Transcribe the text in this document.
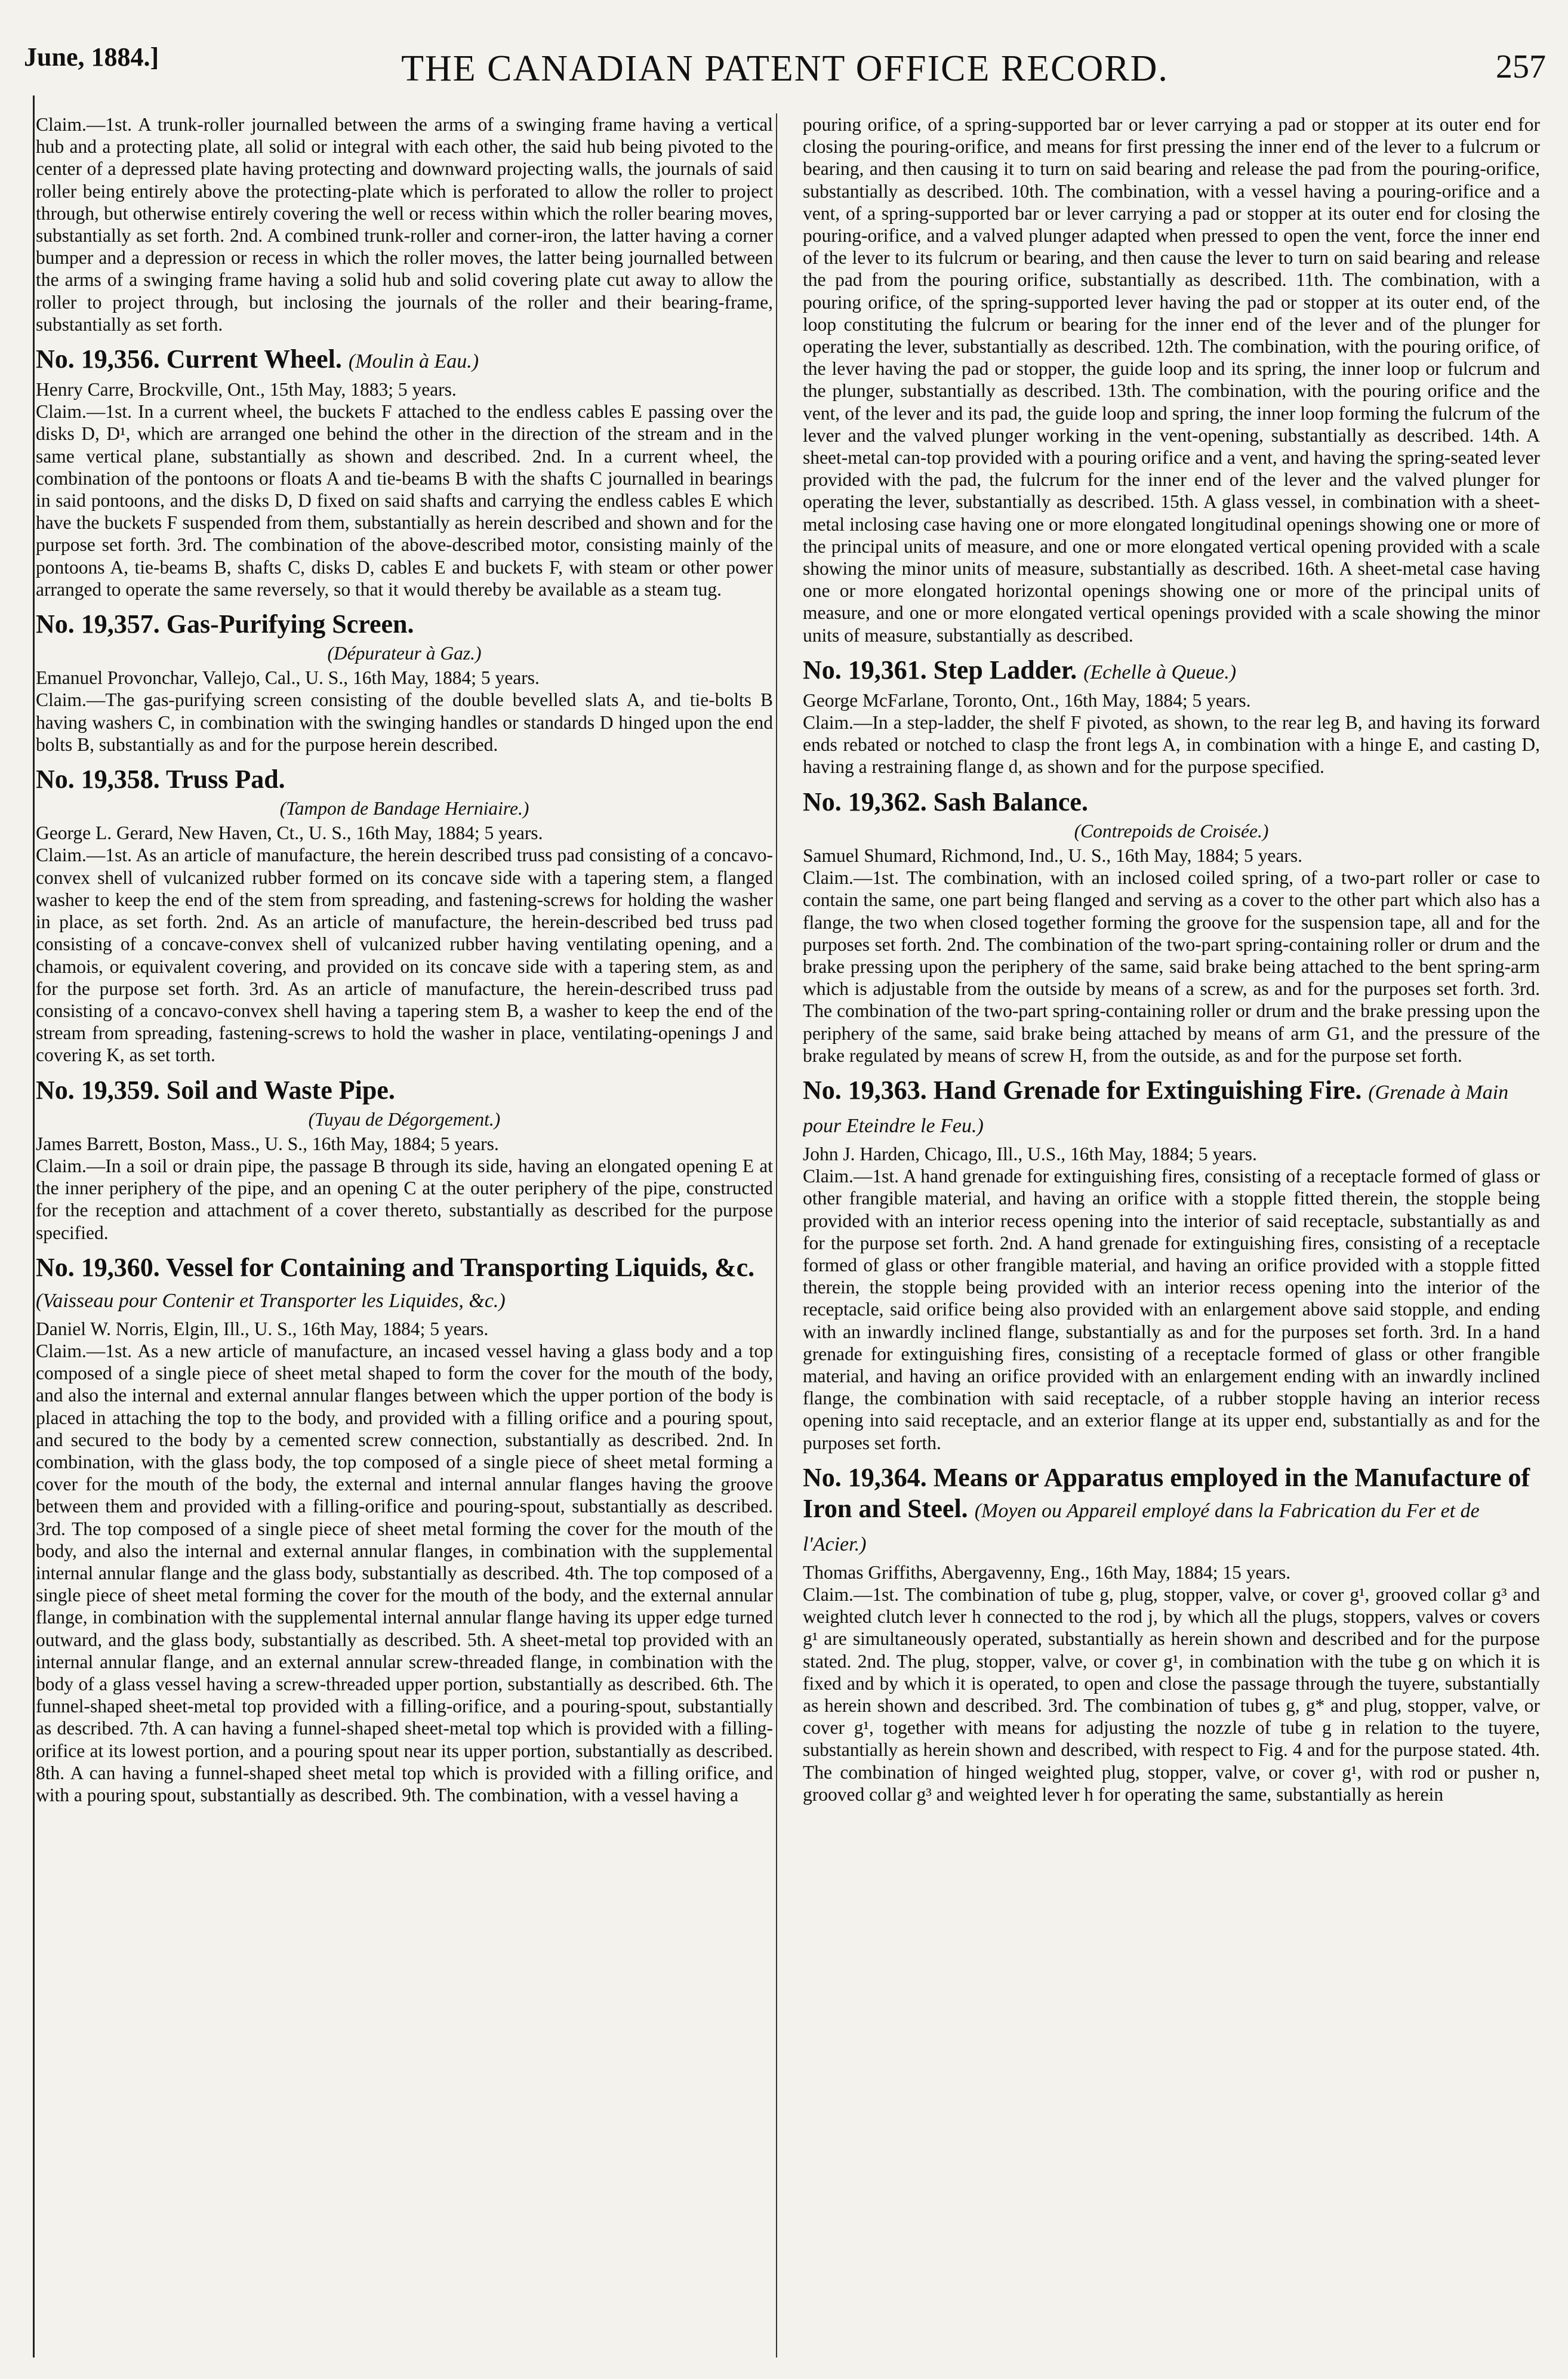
June, 1884.]	THE CANADIAN PATENT OFFICE RECORD.	257

Claim.—1st. A trunk-roller journalled between the arms of a swinging frame having a vertical hub and a protecting plate, all solid or integral with each other, the said hub being pivoted to the center of a depressed plate having protecting and downward projecting walls, the journals of said roller being entirely above the protecting-plate which is perforated to allow the roller to project through, but otherwise entirely covering the well or recess within which the roller bearing moves, substantially as set forth. 2nd. A combined trunk-roller and corner-iron, the latter having a corner bumper and a depression or recess in which the roller moves, the latter being journalled between the arms of a swinging frame having a solid hub and solid covering plate cut away to allow the roller to project through, but inclosing the journals of the roller and their bearing-frame, substantially as set forth.

No. 19,356. Current Wheel. (Moulin à Eau.)

Henry Carre, Brockville, Ont., 15th May, 1883; 5 years.

Claim.—1st. In a current wheel, the buckets F attached to the endless cables E passing over the disks D, D¹, which are arranged one behind the other in the direction of the stream and in the same vertical plane, substantially as shown and described. 2nd. In a current wheel, the combination of the pontoons or floats A and tie-beams B with the shafts C journalled in bearings in said pontoons, and the disks D, D fixed on said shafts and carrying the endless cables E which have the buckets F suspended from them, substantially as herein described and shown and for the purpose set forth. 3rd. The combination of the above-described motor, consisting mainly of the pontoons A, tie-beams B, shafts C, disks D, cables E and buckets F, with steam or other power arranged to operate the same reversely, so that it would thereby be available as a steam tug.

No. 19,357. Gas-Purifying Screen.
(Dépurateur à Gaz.)

Emanuel Provonchar, Vallejo, Cal., U. S., 16th May, 1884; 5 years.

Claim.—The gas-purifying screen consisting of the double bevelled slats A, and tie-bolts B having washers C, in combination with the swinging handles or standards D hinged upon the end bolts B, substantially as and for the purpose herein described.

No. 19,358. Truss Pad.
(Tampon de Bandage Herniaire.)

George L. Gerard, New Haven, Ct., U. S., 16th May, 1884; 5 years.

Claim.—1st. As an article of manufacture, the herein described truss pad consisting of a concavo-convex shell of vulcanized rubber formed on its concave side with a tapering stem, a flanged washer to keep the end of the stem from spreading, and fastening-screws for holding the washer in place, as set forth. 2nd. As an article of manufacture, the herein-described bed truss pad consisting of a concave-convex shell of vulcanized rubber having ventilating opening, and a chamois, or equivalent covering, and provided on its concave side with a tapering stem, as and for the purpose set forth. 3rd. As an article of manufacture, the herein-described truss pad consisting of a concavo-convex shell having a tapering stem B, a washer to keep the end of the stream from spreading, fastening-screws to hold the washer in place, ventilating-openings J and covering K, as set torth.

No. 19,359. Soil and Waste Pipe.
(Tuyau de Dégorgement.)

James Barrett, Boston, Mass., U. S., 16th May, 1884; 5 years.

Claim.—In a soil or drain pipe, the passage B through its side, having an elongated opening E at the inner periphery of the pipe, and an opening C at the outer periphery of the pipe, constructed for the reception and attachment of a cover thereto, substantially as described for the purpose specified.

No. 19,360. Vessel for Containing and Transporting Liquids, &c. (Vaisseau pour Contenir et Transporter les Liquides, &c.)

Daniel W. Norris, Elgin, Ill., U. S., 16th May, 1884; 5 years.

Claim.—1st. As a new article of manufacture, an incased vessel having a glass body and a top composed of a single piece of sheet metal shaped to form the cover for the mouth of the body, and also the internal and external annular flanges between which the upper portion of the body is placed in attaching the top to the body, and provided with a filling orifice and a pouring spout, and secured to the body by a cemented screw connection, substantially as described. 2nd. In combination, with the glass body, the top composed of a single piece of sheet metal forming a cover for the mouth of the body, the external and internal annular flanges having the groove between them and provided with a filling-orifice and pouring-spout, substantially as described. 3rd. The top composed of a single piece of sheet metal forming the cover for the mouth of the body, and also the internal and external annular flanges, in combination with the supplemental internal annular flange and the glass body, substantially as described. 4th. The top composed of a single piece of sheet metal forming the cover for the mouth of the body, and the external annular flange, in combination with the supplemental internal annular flange having its upper edge turned outward, and the glass body, substantially as described. 5th. A sheet-metal top provided with an internal annular flange, and an external annular screw-threaded flange, in combination with the body of a glass vessel having a screw-threaded upper portion, substantially as described. 6th. The funnel-shaped sheet-metal top provided with a filling-orifice, and a pouring-spout, substantially as described. 7th. A can having a funnel-shaped sheet-metal top which is provided with a filling-orifice at its lowest portion, and a pouring spout near its upper portion, substantially as described. 8th. A can having a funnel-shaped sheet metal top which is provided with a filling orifice, and with a pouring spout, substantially as described. 9th. The combination, with a vessel having a

pouring orifice, of a spring-supported bar or lever carrying a pad or stopper at its outer end for closing the pouring-orifice, and means for first pressing the inner end of the lever to a fulcrum or bearing, and then causing it to turn on said bearing and release the pad from the pouring-orifice, substantially as described. 10th. The combination, with a vessel having a pouring-orifice and a vent, of a spring-supported bar or lever carrying a pad or stopper at its outer end for closing the pouring-orifice, and a valved plunger adapted when pressed to open the vent, force the inner end of the lever to its fulcrum or bearing, and then cause the lever to turn on said bearing and release the pad from the pouring orifice, substantially as described. 11th. The combination, with a pouring orifice, of the spring-supported lever having the pad or stopper at its outer end, of the loop constituting the fulcrum or bearing for the inner end of the lever and of the plunger for operating the lever, substantially as described. 12th. The combination, with the pouring orifice, of the lever having the pad or stopper, the guide loop and its spring, the inner loop or fulcrum and the plunger, substantially as described. 13th. The combination, with the pouring orifice and the vent, of the lever and its pad, the guide loop and spring, the inner loop forming the fulcrum of the lever and the valved plunger working in the vent-opening, substantially as described. 14th. A sheet-metal can-top provided with a pouring orifice and a vent, and having the spring-seated lever provided with the pad, the fulcrum for the inner end of the lever and the valved plunger for operating the lever, substantially as described. 15th. A glass vessel, in combination with a sheet-metal inclosing case having one or more elongated longitudinal openings showing one or more of the principal units of measure, and one or more elongated vertical opening provided with a scale showing the minor units of measure, substantially as described. 16th. A sheet-metal case having one or more elongated horizontal openings showing one or more of the principal units of measure, and one or more elongated vertical openings provided with a scale showing the minor units of measure, substantially as described.

No. 19,361. Step Ladder. (Echelle à Queue.)

George McFarlane, Toronto, Ont., 16th May, 1884; 5 years.

Claim.—In a step-ladder, the shelf F pivoted, as shown, to the rear leg B, and having its forward ends rebated or notched to clasp the front legs A, in combination with a hinge E, and casting D, having a restraining flange d, as shown and for the purpose specified.

No. 19,362. Sash Balance.
(Contrepoids de Croisée.)

Samuel Shumard, Richmond, Ind., U. S., 16th May, 1884; 5 years.

Claim.—1st. The combination, with an inclosed coiled spring, of a two-part roller or case to contain the same, one part being flanged and serving as a cover to the other part which also has a flange, the two when closed together forming the groove for the suspension tape, all and for the purposes set forth. 2nd. The combination of the two-part spring-containing roller or drum and the brake pressing upon the periphery of the same, said brake being attached to the bent spring-arm which is adjustable from the outside by means of a screw, as and for the purposes set forth. 3rd. The combination of the two-part spring-containing roller or drum and the brake pressing upon the periphery of the same, said brake being attached by means of arm G1, and the pressure of the brake regulated by means of screw H, from the outside, as and for the purpose set forth.

No. 19,363. Hand Grenade for Extinguishing Fire. (Grenade à Main pour Eteindre le Feu.)

John J. Harden, Chicago, Ill., U.S., 16th May, 1884; 5 years.

Claim.—1st. A hand grenade for extinguishing fires, consisting of a receptacle formed of glass or other frangible material, and having an orifice with a stopple fitted therein, the stopple being provided with an interior recess opening into the interior of said receptacle, substantially as and for the purpose set forth. 2nd. A hand grenade for extinguishing fires, consisting of a receptacle formed of glass or other frangible material, and having an orifice provided with a stopple fitted therein, the stopple being provided with an interior recess opening into the interior of the receptacle, said orifice being also provided with an enlargement above said stopple, and ending with an inwardly inclined flange, substantially as and for the purposes set forth. 3rd. In a hand grenade for extinguishing fires, consisting of a receptacle formed of glass or other frangible material, and having an orifice provided with an enlargement ending with an inwardly inclined flange, the combination with said receptacle, of a rubber stopple having an interior recess opening into said receptacle, and an exterior flange at its upper end, substantially as and for the purposes set forth.

No. 19,364. Means or Apparatus employed in the Manufacture of Iron and Steel. (Moyen ou Appareil employé dans la Fabrication du Fer et de l'Acier.)

Thomas Griffiths, Abergavenny, Eng., 16th May, 1884; 15 years.

Claim.—1st. The combination of tube g, plug, stopper, valve, or cover g¹, grooved collar g³ and weighted clutch lever h connected to the rod j, by which all the plugs, stoppers, valves or covers g¹ are simultaneously operated, substantially as herein shown and described and for the purpose stated. 2nd. The plug, stopper, valve, or cover g¹, in combination with the tube g on which it is fixed and by which it is operated, to open and close the passage through the tuyere, substantially as herein shown and described. 3rd. The combination of tubes g, g* and plug, stopper, valve, or cover g¹, together with means for adjusting the nozzle of tube g in relation to the tuyere, substantially as herein shown and described, with respect to Fig. 4 and for the purpose stated. 4th. The combination of hinged weighted plug, stopper, valve, or cover g¹, with rod or pusher n, grooved collar g³ and weighted lever h for operating the same, substantially as herein
